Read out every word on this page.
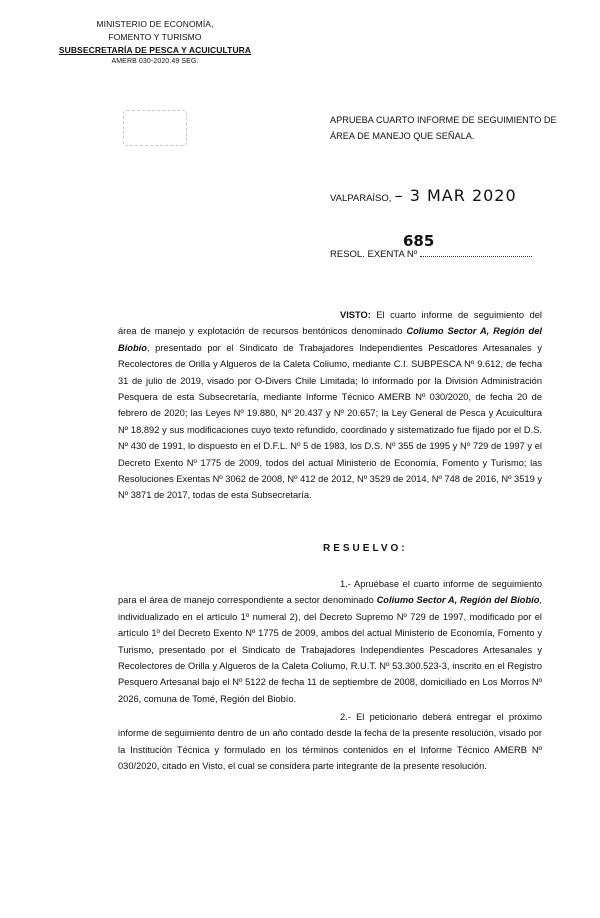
MINISTERIO DE ECONOMÍA,
FOMENTO Y TURISMO
SUBSECRETARÍA DE PESCA Y ACUICULTURA
AMERB 030-2020.49 SEG.
APRUEBA CUARTO INFORME DE SEGUIMIENTO DE ÁREA DE MANEJO QUE SEÑALA.
VALPARAÍSO, – 3 MAR 2020
685
RESOL. EXENTA Nº
VISTO: El cuarto informe de seguimiento del área de manejo y explotación de recursos bentónicos denominado Coliumo Sector A, Región del Biobío, presentado por el Sindicato de Trabajadores Independientes Pescadores Artesanales y Recolectores de Orilla y Algueros de la Caleta Coliumo, mediante C.I. SUBPESCA Nº 9.612, de fecha 31 de julio de 2019, visado por O-Divers Chile Limitada; lo informado por la División Administración Pesquera de esta Subsecretaría, mediante Informe Técnico AMERB Nº 030/2020, de fecha 20 de febrero de 2020; las Leyes Nº 19.880, Nº 20.437 y Nº 20.657; la Ley General de Pesca y Acuicultura Nº 18.892 y sus modificaciones cuyo texto refundido, coordinado y sistematizado fue fijado por el D.S. Nº 430 de 1991, lo dispuesto en el D.F.L. Nº 5 de 1983, los D.S. Nº 355 de 1995 y Nº 729 de 1997 y el Decreto Exento Nº 1775 de 2009, todos del actual Ministerio de Economía, Fomento y Turismo; las Resoluciones Exentas Nº 3062 de 2008, Nº 412 de 2012, Nº 3529 de 2014, Nº 748 de 2016, Nº 3519 y Nº 3871 de 2017, todas de esta Subsecretaría.
RESUELVO:
1.- Apruébase el cuarto informe de seguimiento para el área de manejo correspondiente a sector denominado Coliumo Sector A, Región del Biobío, individualizado en el artículo 1º numeral 2), del Decreto Supremo Nº 729 de 1997, modificado por el artículo 1º del Decreto Exento Nº 1775 de 2009, ambos del actual Ministerio de Economía, Fomento y Turismo, presentado por el Sindicato de Trabajadores Independientes Pescadores Artesanales y Recolectores de Orilla y Algueros de la Caleta Coliumo, R.U.T. Nº 53.300.523-3, inscrito en el Registro Pesquero Artesanal bajo el Nº 5122 de fecha 11 de septiembre de 2008, domiciliado en Los Morros Nº 2026, comuna de Tomé, Región del Biobío.
2.- El peticionario deberá entregar el próximo informe de seguimiento dentro de un año contado desde la fecha de la presente resolución, visado por la Institución Técnica y formulado en los términos contenidos en el Informe Técnico AMERB Nº 030/2020, citado en Visto, el cual se considera parte integrante de la presente resolución.
